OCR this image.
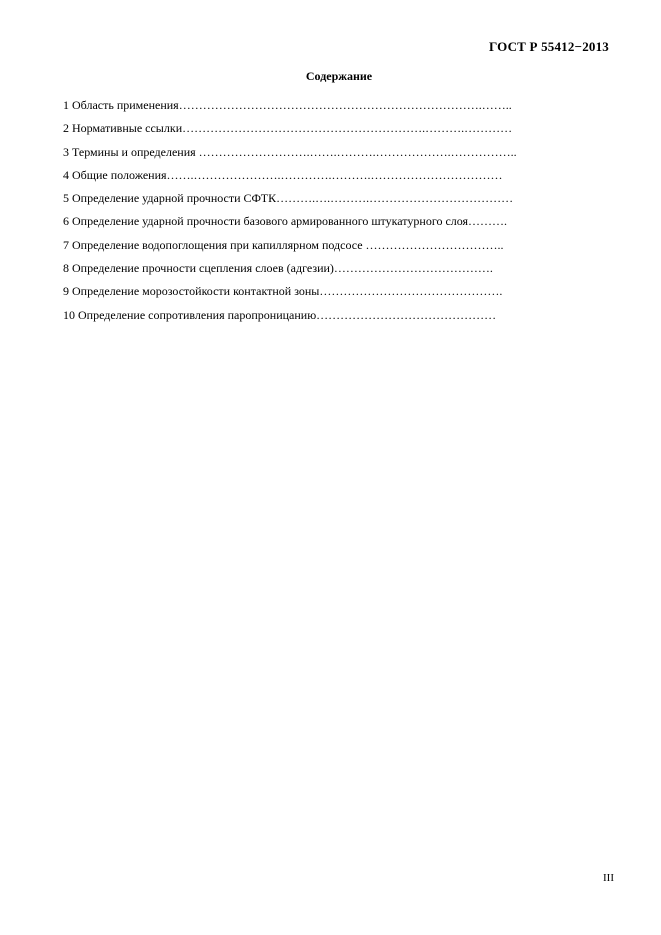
ГОСТ Р 55412−2013
Содержание
1 Область применения………………………………………………………………….……..
2 Нормативные ссылки…………………………………………………….……….…………
3 Термины и определения ……………………….…….……….……………….……………..
4 Общие положения…….………………….………….……….……………………………
5 Определение ударной прочности СФТК……….….……….………………………………
6 Определение ударной прочности базового армированного штукатурного слоя……….
7 Определение водопоглощения при капиллярном подсосе ……………………………..
8 Определение прочности сцепления слоев (адгезии)………………………………….
9 Определение морозостойкости контактной зоны……………………………………….
10 Определение сопротивления паропроницанию………………………………………
III
